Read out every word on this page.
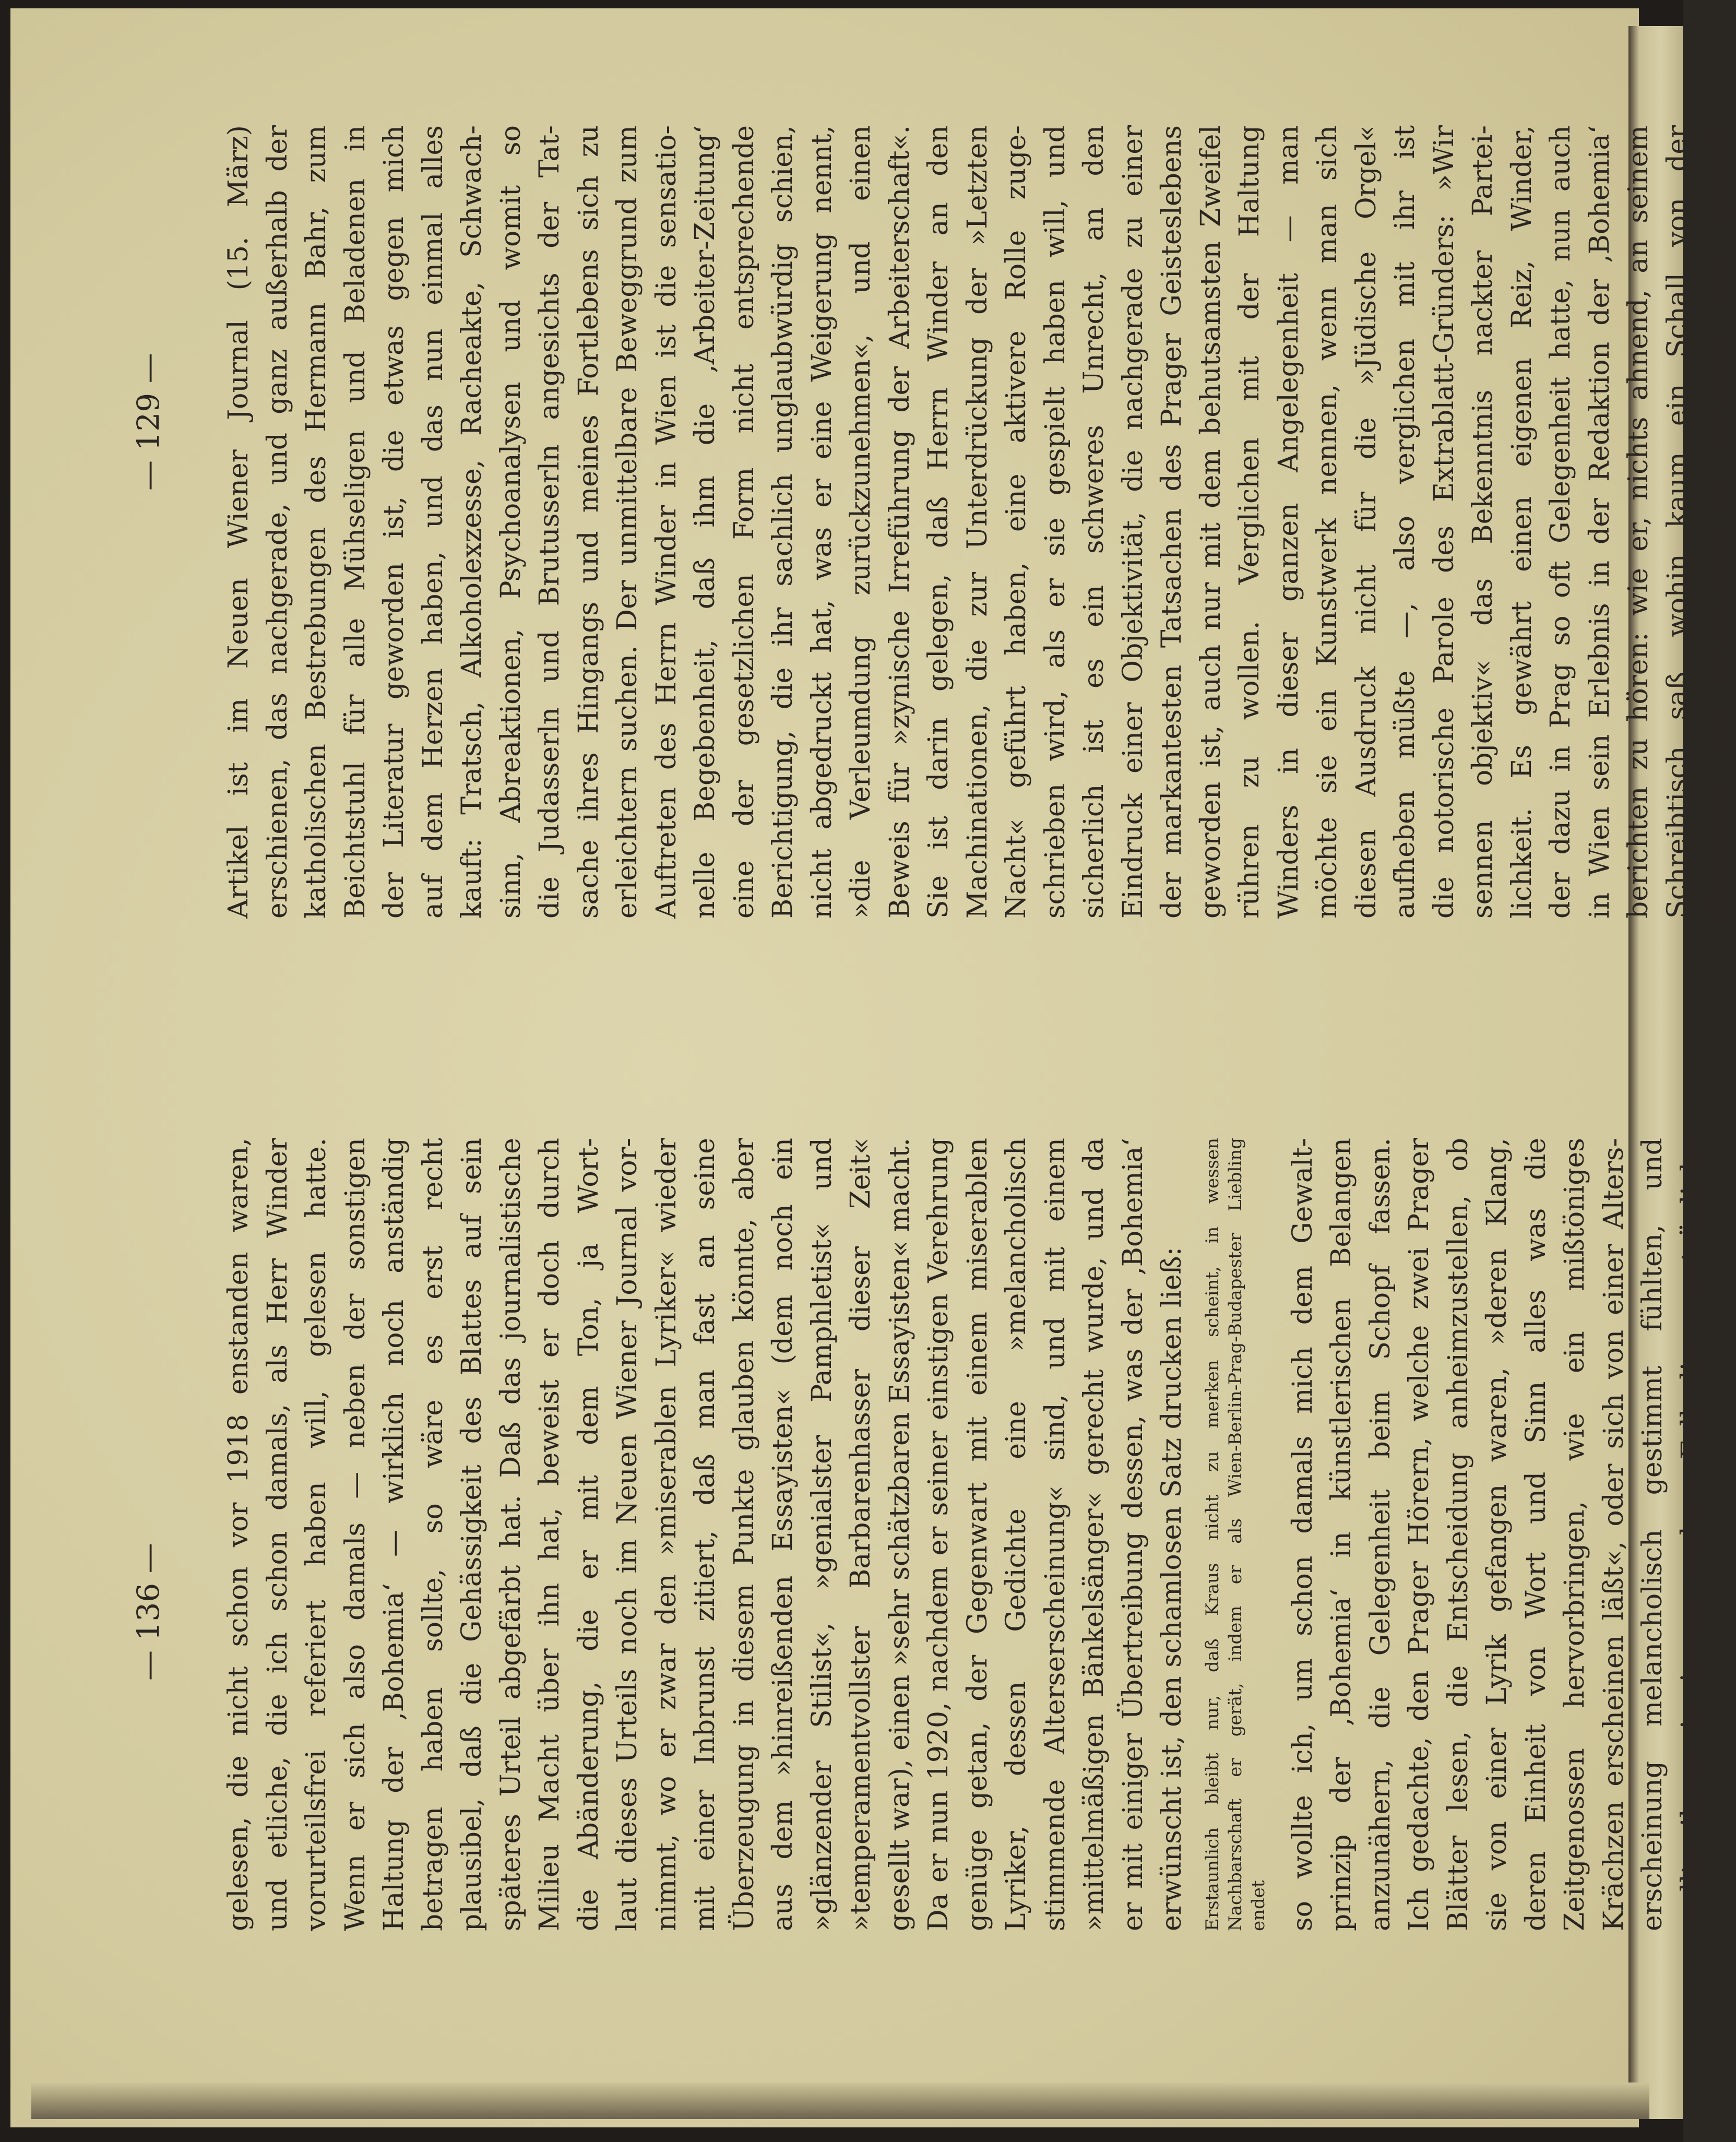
— 136 —
— 129 —
gelesen, die nicht schon vor 1918 enstanden waren, und etliche, die ich schon damals, als Herr Winder vorurteilsfrei referiert haben will, gelesen hatte. Wenn er sich also damals — neben der sonstigen Haltung der ‚Bohemia‘ — wirklich noch anständig betragen haben sollte, so wäre es erst recht plausibel, daß die Gehässigkeit des Blattes auf sein späteres Urteil abgefärbt hat. Daß das journalistische Milieu Macht über ihn hat, beweist er doch durch die Abänderung, die er mit dem Ton, ja Wort- laut dieses Urteils noch im Neuen Wiener Journal vor- nimmt, wo er zwar den »miserablen Lyriker« wieder mit einer Inbrunst zitiert, daß man fast an seine Überzeugung in diesem Punkte glauben könnte, aber aus dem »hinreißenden Essayisten« (dem noch ein »glänzender Stilist«, »genialster Pamphletist« und »temperamentvollster Barbarenhasser dieser Zeit« gesellt war), einen »sehr schätzbaren Essayisten« macht. Da er nun 1920, nachdem er seiner einstigen Verehrung genüge getan, der Gegenwart mit einem miserablen Lyriker, dessen Gedichte eine »melancholisch stimmende Alterserscheinung« sind, und mit einem »mittelmäßigen Bänkelsänger« gerecht wurde, und da er mit einiger Übertreibung dessen, was der ‚Bohemia‘ erwünscht ist, den schamlosen Satz drucken ließ: Erstaunlich bleibt nur, daß Kraus nicht zu merken scheint, in wessen Nachbarschaft er gerät, indem er als Wien-Berlin-Prag-Budapester Liebling endet so wollte ich, um schon damals mich dem Gewalt- prinzip der ‚Bohemia‘ in künstlerischen Belangen anzunähern, die Gelegenheit beim Schopf fassen. Ich gedachte, den Prager Hörern, welche zwei Prager Blätter lesen, die Entscheidung anheimzustellen, ob sie von einer Lyrik gefangen waren, »deren Klang, deren Einheit von Wort und Sinn alles was die Zeitgenossen hervorbringen, wie ein mißtöniges Krächzen erscheinen läßt«, oder sich von einer Alters- erscheinung melancholisch gestimmt fühlten, und wollte ihnen in jenem andern Fall die unerträgliche
Artikel ist im Neuen Wiener Journal (15. März) erschienen, das nachgerade, und ganz außerhalb der katholischen Bestrebungen des Hermann Bahr, zum Beichtstuhl für alle Mühseligen und Beladenen in der Literatur geworden ist, die etwas gegen mich auf dem Herzen haben, und das nun einmal alles kauft: Tratsch, Alkoholexzesse, Racheakte, Schwach- sinn, Abreaktionen, Psychoanalysen und womit so die Judasserln und Brutusserln angesichts der Tat- sache ihres Hingangs und meines Fortlebens sich zu erleichtern suchen. Der unmittelbare Beweggrund zum Auftreten des Herrn Winder in Wien ist die sensatio- nelle Begebenheit, daß ihm die ‚Arbeiter-Zeitung‘ eine der gesetzlichen Form nicht entsprechende Berichtigung, die ihr sachlich unglaubwürdig schien, nicht abgedruckt hat, was er eine Weigerung nennt, »die Verleumdung zurückzunehmen«, und einen Beweis für »zynische Irreführung der Arbeiterschaft«. Sie ist darin gelegen, daß Herrn Winder an den Machinationen, die zur Unterdrückung der »Letzten Nacht« geführt haben, eine aktivere Rolle zuge- schrieben wird, als er sie gespielt haben will, und sicherlich ist es ein schweres Unrecht, an den Eindruck einer Objektivität, die nachgerade zu einer der markantesten Tatsachen des Prager Geisteslebens geworden ist, auch nur mit dem behutsamsten Zweifel rühren zu wollen. Verglichen mit der Haltung Winders in dieser ganzen Angelegenheit — man möchte sie ein Kunstwerk nennen, wenn man sich diesen Ausdruck nicht für die »Jüdische Orgel« aufheben müßte —, also verglichen mit ihr ist die notorische Parole des Extrablatt-Gründers: »Wir sennen objektiv« das Bekenntnis nackter Partei- lichkeit. Es gewährt einen eigenen Reiz, Winder, der dazu in Prag so oft Gelegenheit hatte, nun auch in Wien sein Erlebnis in der Redaktion der ‚Bohemia‘ berichten zu hören: wie er, nichts ahnend, an seinem Schreibtisch saß, wohin kaum ein Schall von der Brandung des redaktionellen Treibens und speziell
